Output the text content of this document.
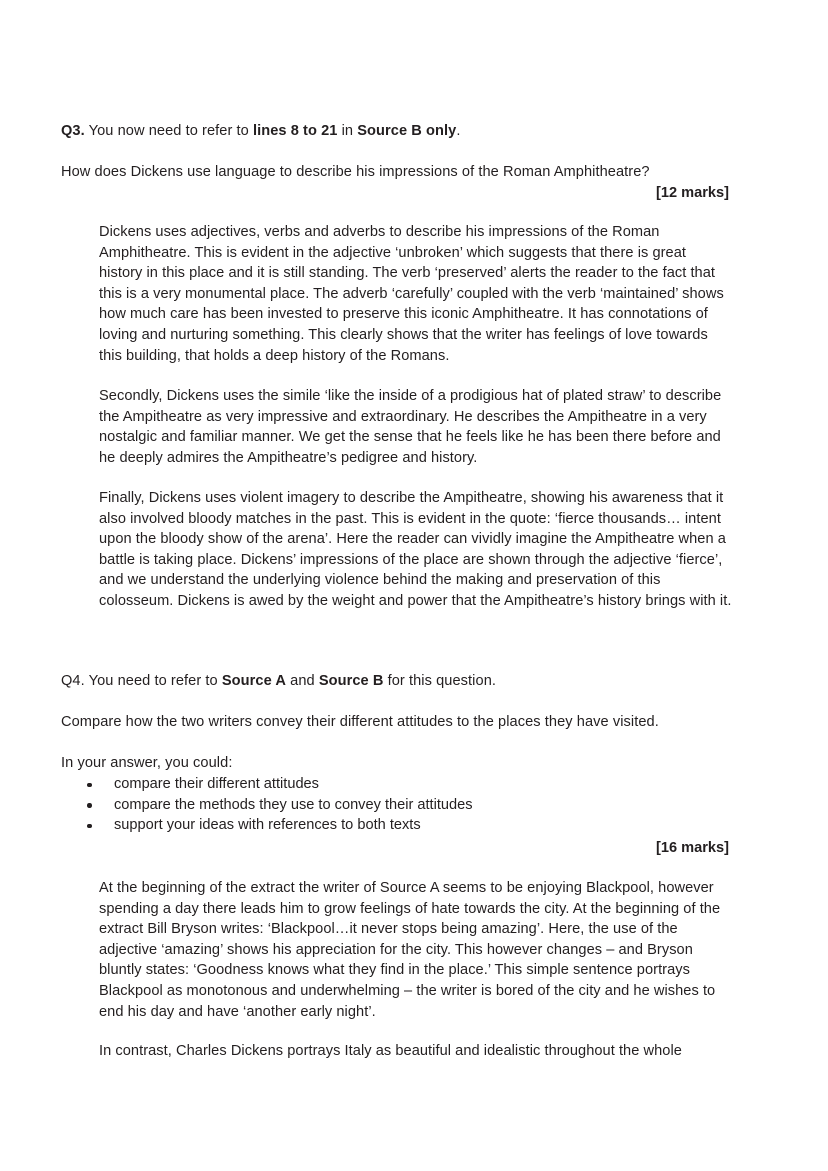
Q3. You now need to refer to lines 8 to 21 in Source B only.
How does Dickens use language to describe his impressions of the Roman Amphitheatre?
[12 marks]
Dickens uses adjectives, verbs and adverbs to describe his impressions of the Roman Amphitheatre. This is evident in the adjective ‘unbroken’ which suggests that there is great history in this place and it is still standing. The verb ‘preserved’ alerts the reader to the fact that this is a very monumental place. The adverb ‘carefully’ coupled with the verb ‘maintained’ shows how much care has been invested to preserve this iconic Amphitheatre. It has connotations of loving and nurturing something. This clearly shows that the writer has feelings of love towards this building, that holds a deep history of the Romans.
Secondly, Dickens uses the simile ‘like the inside of a prodigious hat of plated straw’ to describe the Ampitheatre as very impressive and extraordinary. He describes the Ampitheatre in a very nostalgic and familiar manner. We get the sense that he feels like he has been there before and he deeply admires the Ampitheatre’s pedigree and history.
Finally, Dickens uses violent imagery to describe the Ampitheatre, showing his awareness that it also involved bloody matches in the past. This is evident in the quote: ‘fierce thousands… intent upon the bloody show of the arena’. Here the reader can vividly imagine the Ampitheatre when a battle is taking place. Dickens’ impressions of the place are shown through the adjective ‘fierce’, and we understand the underlying violence behind the making and preservation of this colosseum. Dickens is awed by the weight and power that the Ampitheatre’s history brings with it.
Q4. You need to refer to Source A and Source B for this question.
Compare how the two writers convey their different attitudes to the places they have visited.
In your answer, you could:
compare their different attitudes
compare the methods they use to convey their attitudes
support your ideas with references to both texts
[16 marks]
At the beginning of the extract the writer of Source A seems to be enjoying Blackpool, however spending a day there leads him to grow feelings of hate towards the city. At the beginning of the extract Bill Bryson writes: ‘Blackpool…it never stops being amazing’. Here, the use of the adjective ‘amazing’ shows his appreciation for the city. This however changes – and Bryson bluntly states: ‘Goodness knows what they find in the place.’ This simple sentence portrays Blackpool as monotonous and underwhelming – the writer is bored of the city and he wishes to end his day and have ‘another early night’.
In contrast, Charles Dickens portrays Italy as beautiful and idealistic throughout the whole
